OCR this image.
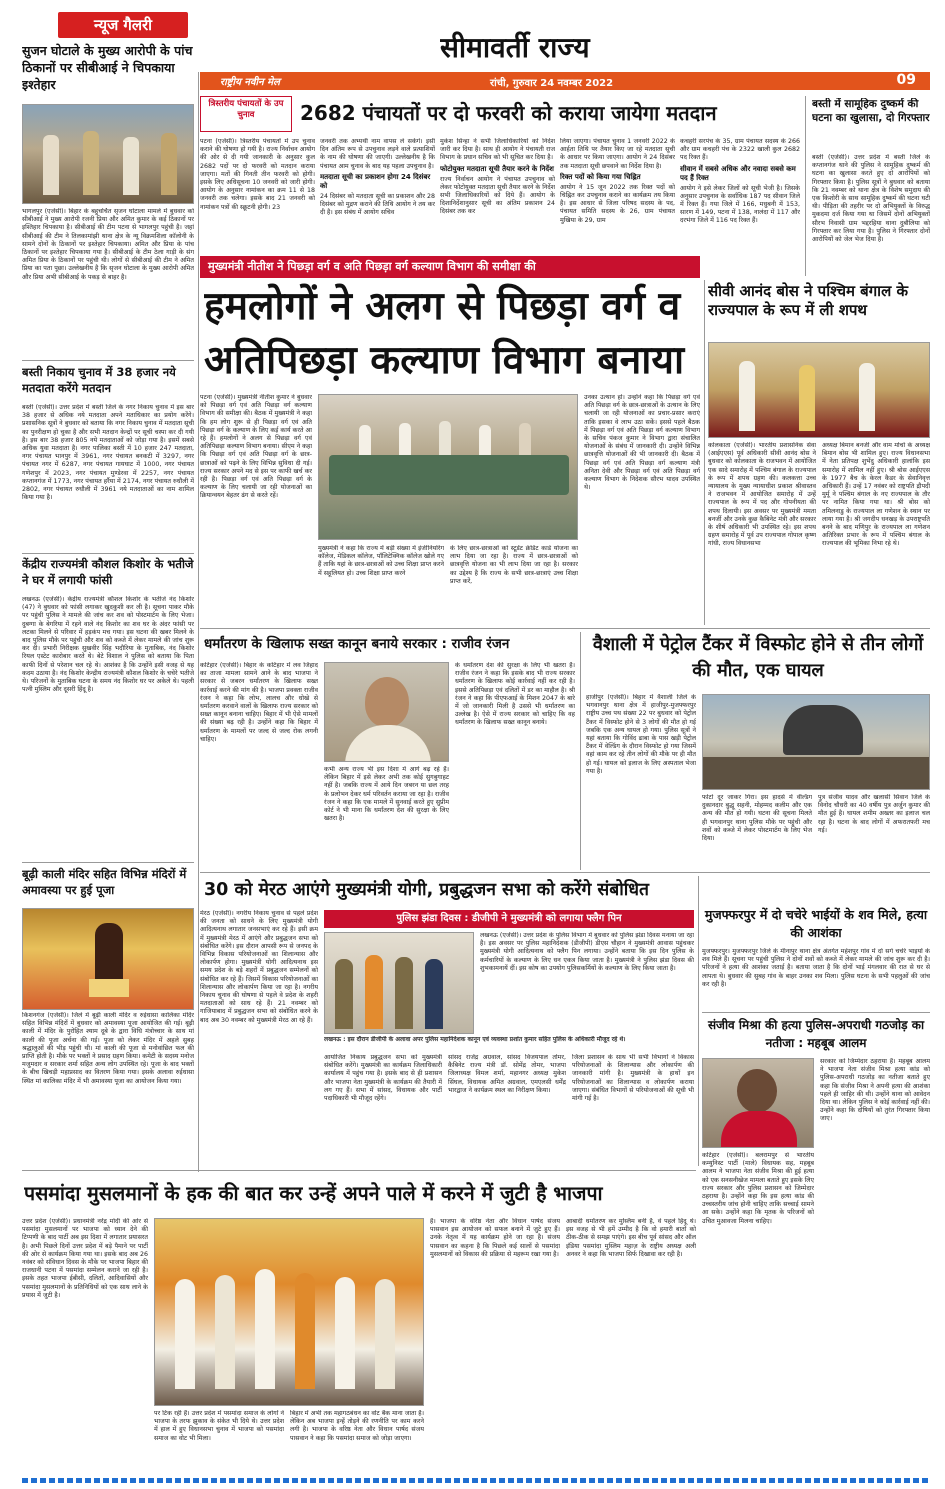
सीमावर्ती राज्य
राष्ट्रीय नवीन मेल	रांची, गुरुवार 24 नवम्बर 2022	09
न्यूज गैलरी
सुजन घोटाले के मुख्य आरोपी के पांच ठिकानों पर सीबीआई ने चिपकाया इश्तेहार
भागलपुर (एजेंसी)। बिहार के बहुचर्चित सृजन घोटाला मामले में बुधवार को सीबीआई ने मुख्य आरोपी रजनी प्रिया और अमित कुमार के कई ठिकानों पर इश्तिहार चिपकाया है। सीबीआई की टीम पटना से भागलपुर पहुंची है। जहां सीबीआई की टीम ने तिलकामांझी थाना क्षेत्र के न्यू विक्रमशिला कॉलोनी के सामने दोनों के ठिकानों पर इश्तेहार चिपकाया। अमित और प्रिया के पांच ठिकानों पर इश्तेहार चिपकाया गया है। सीबीआई के टीम ठेला गाड़ी के संग अमित प्रिया के ठिकानों पर पहुंची थी। लोगों से सीबीआई की टीम ने अमित प्रिया का पता पूछा। उल्लेखनीय है कि सृजन घोटाला के मुख्य आरोपी अमित और प्रिया अभी सीबीआई के पकड़ से बाहर है।
बस्ती निकाय चुनाव में 38 हजार नये मतदाता करेंगे मतदान
बस्ती (एजेंसी)। उत्तर प्रदेश में बस्ती जिले के नगर निकाय चुनाव में इस बार 38 हजार से अधिक नये मतदाता अपने मताधिकार का प्रयोग करेंगे। प्रशासनिक सूत्रों ने बुधवार को बताया कि नगर निकाय चुनाव में मतदाता सूची का पुनरीक्षण हो चुका है और सभी मतदान केन्द्रों पर सूची चस्पा कर दी गयी है। इस बार 38 हजार 805 नये मतदाताओं को जोड़ा गया है। इसमें सबसे अधिक युवा मतदाता है। नगर पालिका बस्ती में 10 हजार 247 मतदाता, नगर पंचायत भानपुर में 3961, नगर पंचायत बनकटी में 3297, नगर पंचायत नगर में 6287, नगर पंचायत गायघाट में 1000, नगर पंचायत गणेशपुर में 2023, नगर पंचायत मुण्डेरवा में 2257, नगर पंचायत कप्तानगंज में 1773, नगर पंचायत हर्रैया में 2174, नगर पंचायत रुधौली में 2802, नगर पंचायत रुधौली में 3961 नये मतदाताओं का नाम शामिल किया गया है।
केंद्रीय राज्यमंत्री कौशल किशोर के भतीजे ने घर में लगायी फांसी
लखनऊ (एजेंसी)। केंद्रीय राज्यमंत्री कौशल किशोर के भतीजे नंद किशोर (47) ने बुधवार को फांसी लगाकर खुदकुशी कर ली है। सूचना पाकर मौके पर पहुंची पुलिस ने मामले की जांच कर शव को पोस्टमार्टम के लिए भेजा। दुबग्गा के बेगरिया में रहने वाले नंद किशोर का शव घर के अंदर फांसी पर लटका मिलने से परिवार में हड़कंप मच गया। इस घटना की खबर मिलने के बाद पुलिस मौके पर पहुंची और शव को कब्जे में लेकर मामले की जांच शुरू कर दी। प्रभारी निरीक्षक सुखवीर सिंह भदौरिया के मुताबिक, नंद किशोर रियल एस्टेट कारोबार करते थे। बेटे विशाल ने पुलिस को बताया कि पिता काफी दिनों से परेशान चल रहे थे। आशंका है कि उन्होंने इसी वजह से यह कदम उठाया है। नंद किशोर केन्द्रीय राज्यमंत्री कौशल किशोर के चचेरे भतीजे थे। परिजनों के मुताबिक घटना के समय नंद किशोर घर पर अकेले थे। पहली पत्नी मुस्लिम और दूसरी हिंदू है।
बूढ़ी काली मंदिर सहित विभिन्न मंदिरों में अमावस्या पर हुई पूजा
किशनगंज (एजेंसी)। जिले में बूढ़ी काली मंदिर व रुईधासा कालिका मंदिर सहित विभिन्न मंदिरों में बुधवार को अमावस्या पूजा आयोजित की गई। बूढ़ी काली में मंदिर के पुरोहित श्याम दूबे के द्वारा विधि मंत्रोच्चार के साथ मां काली की पूजा अर्चना की गई। पूजा को लेकर मंदिर में अहले सुबह श्रद्धालुओं की भीड़ पहुंची थी। मां काली की पूजा से मनोवांछित फल की प्राप्ति होती है। मौके पर भक्तों ने प्रसाद ग्रहण किया। कमेटी के सदस्य मनोज मजुमदार व सरकार शर्मा सहित अन्य लोग उपस्थित रहे। पूजा के बाद भक्तों के बीच खिचड़ी महाप्रसाद का वितरण किया गया। इसके अलावा रुईधासा स्थित मां कालिका मंदिर में भी अमावस्या पूजा का आयोजन किया गया।
त्रिस्तरीय पंचायतों के उप चुनाव	2682 पंचायतों पर दो फरवरी को कराया जायेगा मतदान
पटना (एजेंसी)। त्रिस्तरीय पंचायतों में उप चुनाव कराने की घोषणा हो गयी है। राज्य निर्वाचन आयोग की ओर से दी गयी जानकारी के अनुसार कुल 2682 पदों पर दो फरवरी को मतदान कराया जाएगा। मतों की गिनती तीन फरवरी को होगी। इसके लिए अधिसूचना 10 जनवरी को जारी होगी। आयोग के अनुसार नामांकन का क्रम 11 से 18 जनवरी तक चलेगा। इसके बाद 21 जनवरी को नामांकन पत्रों की स्क्रूटनी होगी। 23
जनवरी तक अभ्यर्थी नाम वापस ले सकेंगे। इसी दिन अंतिम रूप से उपचुनाव लड़ने वाले प्रत्याशियों के नाम की घोषणा की जाएगी। उल्लेखनीय है कि पंचायत आम चुनाव के बाद यह पहला उपचुनाव है।
मतदाता सूची का प्रकाशन होगा 24 दिसंबर को
24 दिसंबर को मतदाता सूची का प्रकाशन और 28 दिसंबर को मुद्रण कराने की तिथि आयोग ने तय कर दी है। इस संबंध में आयोग सचिव
मुकेश सिन्हा ने सभी जिलाधिकारियों को निर्देश जारी कर दिया है। साथ ही आयोग ने पंचायती राज विभाग के प्रधान सचिव को भी सूचित कर दिया है।
फोटोयुक्त मतदाता सूची तैयार करने के निर्देश
राज्य निर्वाचन आयोग ने पंचायत उपचुनाव को लेकर फोटोयुक्त मतदाता सूची तैयार करने के निर्देश सभी जिलाधिकारियों को दिये हैं। आयोग के दिशानिर्देशानुसार सूची का अंतिम प्रकाशन 24 दिसंबर तक कर
लिया जाएगा। पंचायत चुनाव 1 जनवरी 2022 के आर्हता तिथि पर तैयार किए जा रहे मतदाता सूची के आधार पर किया जाएगा। आयोग ने 24 दिसंबर तक मतदाता सूची छपवाने का निर्देश दिया है।
रिक्त पदों को किया गया चिह्नित
आयोग ने 15 जून 2022 तक रिक्त पदों को चिह्नित कर उपचुनाव कराने का कार्यक्रम तय किया है। इस आधार से जिला परिषद सदस्य के पद, पंचायत समिति सदस्य के 26, ग्राम पंचायत मुखिया के 29, ग्राम
कचहरी सरपंच के 35, ग्राम पंचायत सदस्य के 266 और ग्राम कचहरी पंच के 2322 खाली कुल 2682 पद रिक्त हैं।
सीवान में सबसे अधिक और नवादा सबसे कम पद हैं रिक्त
आयोग ने इसे लेकर जिलों को सूची भेजी है। जिसके अनुसार उपचुनाव के सर्वाधिक 187 पद सीवान जिले में रिक्त हैं। गया जिले में 166, मधुबनी में 153, सारण में 149, पटना में 138, नालंदा में 117 और दरभंगा जिले में 116 पद रिक्त हैं।
बस्ती में सामूहिक दुष्कर्म की घटना का खुलासा, दो गिरफ्तार
बस्ती (एजेंसी)। उत्तर प्रदेश में बस्ती जिले के कप्तानगंज थाने की पुलिस ने सामूहिक दुष्कर्म की घटना का खुलासा करते हुए दो आरोपियों को गिरफ्तार किया है। पुलिस सूत्रों ने बुधवार को बताया कि 21 नवम्बर को थाना क्षेत्र के विशेष समुदाय की एक किशोरी के साथ सामूहिक दुष्कर्म की घटना घटी थी। पीड़िता की तहरीर पर दो अभियुक्तों के विरुद्ध मुकदमा दर्ज किया गया था जिसमें दोनों अभियुक्तों सौरभ निवासी ग्राम भद्दरहिया थाना दुबौलिया को गिरफ्तार कर लिया गया है। पुलिस ने गिरफ्तार दोनों आरोपियों को जेल भेज दिया है।
मुख्यमंत्री नीतीश ने पिछड़ा वर्ग व अति पिछड़ा वर्ग कल्याण विभाग की समीक्षा की
हमलोगों ने अलग से पिछड़ा वर्ग व अतिपिछड़ा कल्याण विभाग बनाया
पटना (एजेंसी)। मुख्यमंत्री नीतीश कुमार ने बुधवार को पिछड़ा वर्ग एवं अति पिछड़ा वर्ग कल्याण विभाग की समीक्षा की। बैठक में मुख्यमंत्री ने कहा कि हम लोग शुरू से ही पिछड़ा वर्ग एवं अति पिछड़ा वर्ग के कल्याण के लिए कई कार्य करते आ रहे हैं। हमलोगों ने अलग से पिछड़ा वर्ग एवं अतिपिछड़ा कल्याण विभाग बनाया। सीएम ने कहा कि पिछड़ा वर्ग एवं अति पिछड़ा वर्ग के छात्र-छात्राओं को पढ़ने के लिए विभिन्न सुविधा दी गई। राज्य सरकार अपने मद से इस पर काफी खर्च कर रही है। पिछड़ा वर्ग एवं अति पिछड़ा वर्ग के कल्याण के लिए चलायी जा रही योजनाओं का क्रियान्वयन बेहतर ढंग से करते रहें।
मुख्यमंत्री ने कहा कि राज्य में बड़ी संख्या में इंजीनियरिंग कॉलेज, मेडिकल कॉलेज, पॉलिटेक्निक कॉलेज खोले गए हैं ताकि यहां के छात्र-छात्राओं को उच्च शिक्षा प्राप्त करने में सहूलियत हो। उच्च शिक्षा प्राप्त करने
के लिए छात्र-छात्राओं को स्टूडेंट क्रेडिट कार्ड योजना का लाभ दिया जा रहा है। राज्य में छात्र-छात्राओं को छात्रवृत्ति योजना का भी लाभ दिया जा रहा है। सरकार का उद्देश्य है कि राज्य के सभी छात्र-छात्राएं उच्च शिक्षा प्राप्त करें,
उनका उत्थान हो। उन्होंने कहा कि पिछड़ा वर्ग एवं अति पिछड़ा वर्ग के छात्र-छात्राओं के उत्थान के लिए चलायी जा रही योजनाओं का प्रचार-प्रसार कराएं ताकि इसका वे लाभ उठा सकें। इससे पहले बैठक में पिछड़ा वर्ग एवं अति पिछड़ा वर्ग कल्याण विभाग के सचिव पंकज कुमार ने विभाग द्वारा संचालित योजनाओं के संबंध में जानकारी दी। उन्होंने विभिन्न छात्रवृत्ति योजनाओं की भी जानकारी दी। बैठक में पिछड़ा वर्ग एवं अति पिछड़ा वर्ग कल्याण मंत्री अनिता देवी और पिछड़ा वर्ग एवं अति पिछड़ा वर्ग कल्याण विभाग के निदेशक सौरभ यादव उपस्थित थे।
सीवी आनंद बोस ने पश्चिम बंगाल के राज्यपाल के रूप में ली शपथ
कोलकाता (एजेंसी)। भारतीय प्रशासनिक सेवा (आईएएस) पूर्व अधिकारी सीवी आनंद बोस ने बुधवार को कोलकाता के राजभवन में आयोजित एक सादे समारोह में पश्चिम बंगाल के राज्यपाल के रूप में शपथ ग्रहण की। कलकत्ता उच्च न्यायालय के मुख्य न्यायाधीश प्रकाश श्रीवास्तव ने राजभवन में आयोजित समारोह में उन्हें राज्यपाल के रूप में पद और गोपनीयता की शपथ दिलायी। इस अवसर पर मुख्यमंत्री ममता बनर्जी और उनके कुछ कैबिनेट मंत्री और सरकार के शीर्ष अधिकारी भी उपस्थित रहे। इस शपथ ग्रहण समारोह में पूर्व उप राज्यपाल गोपाल कृष्ण गांधी, राज्य विधानसभा
अध्यक्ष बिमान बनर्जी और वाम मोर्चा के अध्यक्ष बिमान बोस भी शामिल हुए। राज्य विधानसभा में नेता प्रतिपक्ष शुभेंदु अधिकारी हालांकि इस समारोह में शामिल नहीं हुए। श्री बोस आईएएस के 1977 बैच के केरल कैडर के सेवानिवृत्त अधिकारी हैं। उन्हें 17 नवंबर को राष्ट्रपति द्रौपदी मुर्मू ने पश्चिम बंगाल के नए राज्यपाल के तौर पर नामित किया गया था। श्री बोस को तमिलनाडु के राज्यपाल ला गणेशन के स्थान पर लाया गया है। श्री जगदीप धनखड़ के उपराष्ट्रपति बनने के बाद मणिपुर के राज्यपाल ला गणेशन अतिरिक्त प्रभार के रूप में पश्चिम बंगाल के राज्यपाल की भूमिका निभा रहे थे।
धर्मांतरण के खिलाफ सख्त कानून बनाये सरकार : राजीव रंजन
कटिहार (एजेंसी)। बिहार के कटिहार में लव जिहाद का ताजा मामला सामने आने के बाद भाजपा ने सरकार से जबरन धर्मांतरण के खिलाफ सख्त कार्रवाई करने की मांग की है। भाजपा प्रवक्ता राजीव रंजन ने कहा कि लोभ, लालच और धोखे से धर्मांतरण करवाने वालों के खिलाफ राज्य सरकार को सख्त कानून बनाना चाहिए। बिहार में भी ऐसे मामलों की संख्या बढ़ रही है। उन्होंने कहा कि बिहार में धर्मांतरण के मामलों पर जल्द से जल्द रोक लगनी चाहिए।
कभी अन्य राज्य भी इस दिशा में आगे बढ़ रहे हैं। लेकिन बिहार में इसे लेकर अभी तक कोई सुगबुगाहट नहीं है। जबकि राज्य में आये दिन जबरन या छल तरह के प्रलोभन देकर धर्म परिवर्तन कराया जा रहा है। राजीव रंजन ने कहा कि एक मामले में सुनवाई करते हुए सुप्रीम कोर्ट ने भी माना कि धर्मांतरण देश की सुरक्षा के लिए खतरा है।
के धर्मांतरण देश की सुरक्षा के लिए भी खतरा है। राजीव रंजन ने कहा कि इसके बाद भी राज्य सरकार धर्मांतरण के खिलाफ कोई कार्रवाई नहीं कर रही है। इससे अतिपिछड़ा एवं दलितों में डर का माहौल है। श्री रंजन ने कहा कि पीएफआई के मिशन 2047 के बारे में जो जानकारी मिली है उससे भी धर्मांतरण का उल्लेख है। ऐसे में राज्य सरकार को चाहिए कि वह धर्मांतरण के खिलाफ सख्त कानून बनाये।
वैशाली में पेट्रोल टैंकर में विस्फोट होने से तीन लोगों की मौत, एक घायल
हाजीपुर (एजेंसी)। बिहार में वैशाली जिले के भगवानपुर थाना क्षेत्र में हाजीपुर-मुजफ्फरपुर राष्ट्रीय उच्च पथ संख्या 22 पर बुधवार को पेट्रोल टैंकर में विस्फोट होने से 3 लोगों की मौत हो गई जबकि एक अन्य घायल हो गया। पुलिस सूत्रों ने यहां बताया कि गोविंद ढाबा के पास खड़ी पेट्रोल टैंकर में वेल्डिंग के दौरान विस्फोट हो गया जिसमें वहां काम कर रहे तीन लोगों की मौके पर ही मौत हो गई। घायल को इलाज के लिए अस्पताल भेजा गया है।
फोटो दूर जाकर गिरा। इस हादसे में वेल्डिंग दुकानदार बुद्धू सहनी, मोहम्मद कलीम और एक अन्य की मौत हो गयी। घटना की सूचना मिलते ही भगवानपुर थाना पुलिस मौके पर पहुंची और शवों को कब्जे में लेकर पोस्टमार्टम के लिए भेज दिया।
पुत्र संजीव यादव और खलासी सिवान जिले के विनोद चौधरी का 40 वर्षीय पुत्र अर्जुन कुमार की मौत हुई है। घायल शमीम अख्तर का इलाज चल रहा है। घटना के बाद लोगों में अफरातफरी मच गई।
30 को मेरठ आएंगे मुख्यमंत्री योगी, प्रबुद्धजन सभा को करेंगे संबोधित
मेरठ (एजेंसी)। नगरीय निकाय चुनाव से पहले प्रदेश की जनता को साधने के लिए मुख्यमंत्री योगी आदित्यनाथ लगातार जनसभाएं कर रहे हैं। इसी क्रम में मुख्यमंत्री मेरठ में आएंगे और प्रबुद्धजन सभा को संबोधित करेंगे। इस दौरान आपसी रूप से जनपद के विभिन्न विकास परियोजनाओं का शिलान्यास और लोकार्पण होगा। मुख्यमंत्री योगी आदित्यनाथ इस समय प्रदेश के बड़े शहरों में प्रबुद्धजन सम्मेलनों को संबोधित कर रहे हैं। जिसमें विकास परियोजनाओं का शिलान्यास और लोकार्पण किया जा रहा है। नगरीय निकाय चुनाव की घोषणा से पहले वे प्रदेश के शहरी मतदाताओं को साध रहे हैं। 21 नवम्बर को गाजियाबाद में प्रबुद्धजन सभा को संबोधित करने के बाद अब 30 नवम्बर को मुख्यमंत्री मेरठ आ रहे हैं।
पुलिस झंडा दिवस : डीजीपी ने मुख्यमंत्री को लगाया फ्लैग पिन
लखनऊ (एजेंसी)। उत्तर प्रदेश के पुलिस विभाग में बुधवार को पुलिस झंडा दिवस मनाया जा रहा है। इस अवसर पर पुलिस महानिदेशक (डीजीपी) डीएस चौहान ने मुख्यमंत्री आवास पहुंचकर मुख्यमंत्री योगी आदित्यनाथ को फ्लैग पिन लगाया। उन्होंने बताया कि इस दिन पुलिस के कर्मचारियों के कल्याण के लिए धन एकत्र किया जाता है। मुख्यमंत्री ने पुलिस झंडा दिवस की शुभकामनायें दीं। इस कोष का उपयोग पुलिसकर्मियों के कल्याण के लिए किया जाता है।
लखनऊ : इस दौरान डीजीपी के अलावा अपर पुलिस महानिदेशक कानून एवं व्यवस्था प्रशांत कुमार सहित पुलिस के अधिकारी मौजूद रहे थे।
आयोजित निकाय प्रबुद्धजन सभा को मुख्यमंत्री संबोधित करेंगे। मुख्यमंत्री का कार्यक्रम जिलाधिकारी कार्यालय में पहुंच गया है। इसके बाद से ही प्रशासन और भाजपा नेता मुख्यमंत्री के कार्यक्रम की तैयारी में लग गए हैं। सभा में सांसद, विधायक और पार्टी पदाधिकारी भी मौजूद रहेंगे।
सांसद राजेंद्र अग्रवाल, सांसद विजयपाल तोमर, कैबिनेट राज्य मंत्री डॉ. सोमेंद्र तोमर, भाजपा जिलाध्यक्ष विमल शर्मा, महानगर अध्यक्ष मुकेश सिंघल, विधायक अमित अग्रवाल, एमएलसी धर्मेंद्र भारद्वाज ने कार्यक्रम स्थल का निरीक्षण किया।
जिला प्रशासन के साथ भी सभी विभागों ने विकास परियोजनाओं के शिलान्यास और लोकार्पण की जानकारी मांगी है। मुख्यमंत्री के हाथों इन परियोजनाओं का शिलान्यास व लोकार्पण कराया जाएगा। संबंधित विभागों से परियोजनाओं की सूची भी मांगी गई है।
मुजफ्फरपुर में दो चचेरे भाईयों के शव मिले, हत्या की आशंका
मुजफ्फरपुर। मुजफ्फरपुर जिले के मीनापुर थाना क्षेत्र अंतर्गत महेशपुर गांव में दो सगे चचेरे भाइयों के शव मिले हैं। सूचना पर पहुंची पुलिस ने दोनों शवों को कब्जे में लेकर मामले की जांच शुरू कर दी है। परिजनों ने हत्या की आशंका जताई है। बताया जाता है कि दोनों भाई मंगलवार की रात से घर से लापता थे। बुधवार की सुबह गांव के बाहर उनका शव मिला। पुलिस घटना के सभी पहलुओं की जांच कर रही है।
संजीव मिश्रा की हत्या पुलिस-अपराधी गठजोड़ का नतीजा : महबूब आलम
सरकार को जिम्मेदार ठहराया है। महबूब आलम ने भाजपा नेता संजीव मिश्रा हत्या कांड को पुलिस-अपराधी गठजोड़ का नतीजा बताते हुए कहा कि संजीव मिश्रा ने अपनी हत्या की आशंका पहले ही जाहिर की थी। उन्होंने थाना को आवेदन दिया था। लेकिन पुलिस ने कोई कार्रवाई नहीं की। उन्होंने कहा कि दोषियों को तुरंत गिरफ्तार किया जाए।
कटिहार (एजेंसी)। बलरामपुर से भारतीय कम्युनिस्ट पार्टी (माले) विधायक सह, महबूब आलम ने भाजपा नेता संजीव मिश्रा की हुई हत्या को एक सनसनीखेज मामला बताते हुए इसके लिए राज्य सरकार और पुलिस प्रशासन को जिम्मेदार ठहराया है। उन्होंने कहा कि इस हत्या कांड की उच्चस्तरीय जांच होनी चाहिए ताकि सच्चाई सामने आ सके। उन्होंने कहा कि मृतक के परिजनों को उचित मुआवजा मिलना चाहिए।
पसमांदा मुसलमानों के हक की बात कर उन्हें अपने पाले में करने में जुटी है भाजपा
उत्तर प्रदेश (एजेंसी)। प्रधानमंत्री नरेंद्र मोदी की ओर से पसमांदा मुसलमानों पर भाजपा को ध्यान देने की टिप्पणी के बाद पार्टी अब इस दिशा में लगातार प्रयासरत है। अभी पिछले दिनों उत्तर प्रदेश में बड़े पैमाने पर पार्टी की ओर से कार्यक्रम किया गया था। इसके बाद अब 26 नवंबर को संविधान दिवस के मौके पर भाजपा बिहार की राजधानी पटना में पसमांदा सम्मेलन कराने जा रही है। इसके तहत भाजपा ईबीसी, दलितों, आदिवासियों और पसमांदा मुसलमानों के प्रतिनिधियों को एक साथ लाने के प्रयास में जुटी है।
पर टिक रही हैं। उत्तर प्रदेश में पसमांदा समाज के लोगों ने भाजपा के तरफ झुकाव के संकेत भी दिये थे। उत्तर प्रदेश में हाल में हुए विधानसभा चुनाव में भाजपा को पसमांदा समाज का वोट भी मिला।
बिहार में अभी तक महागठबंधन का वोट बैंक माना जाता है। लेकिन अब भाजपा इन्हें तोड़ने की रणनीति पर काम करने लगी है। भाजपा के वरिष्ठ नेता और विधान पार्षद संजय पासवान ने कहा कि पसमांदा समाज को जोड़ा जाएगा।
है। भाजपा के वरिष्ठ नेता और विधान पार्षद संजय पासवान इस आयोजन को सफल बनाने में जुटे हुए हैं। उनके नेतृत्व में यह कार्यक्रम होने जा रहा है। संजय पासवान का कहना है कि पिछले कई सालों से पसमांदा मुसलमानों को विकास की प्रक्रिया से महरूम रखा गया है।
आबादी धर्मांतरण कर मुस्लिम बनी है, वे पहले हिंदू थे। इस वजह से भी हमें उम्मीद है कि वो हमारी बातों को ठीक-ठीक से समझ पाएंगे। इस बीच पूर्व सांसद और ऑल इंडिया पसमांदा मुस्लिम महाज़ के राष्ट्रीय अध्यक्ष अली अनवर ने कहा कि भाजपा सिर्फ दिखावा कर रही है।
